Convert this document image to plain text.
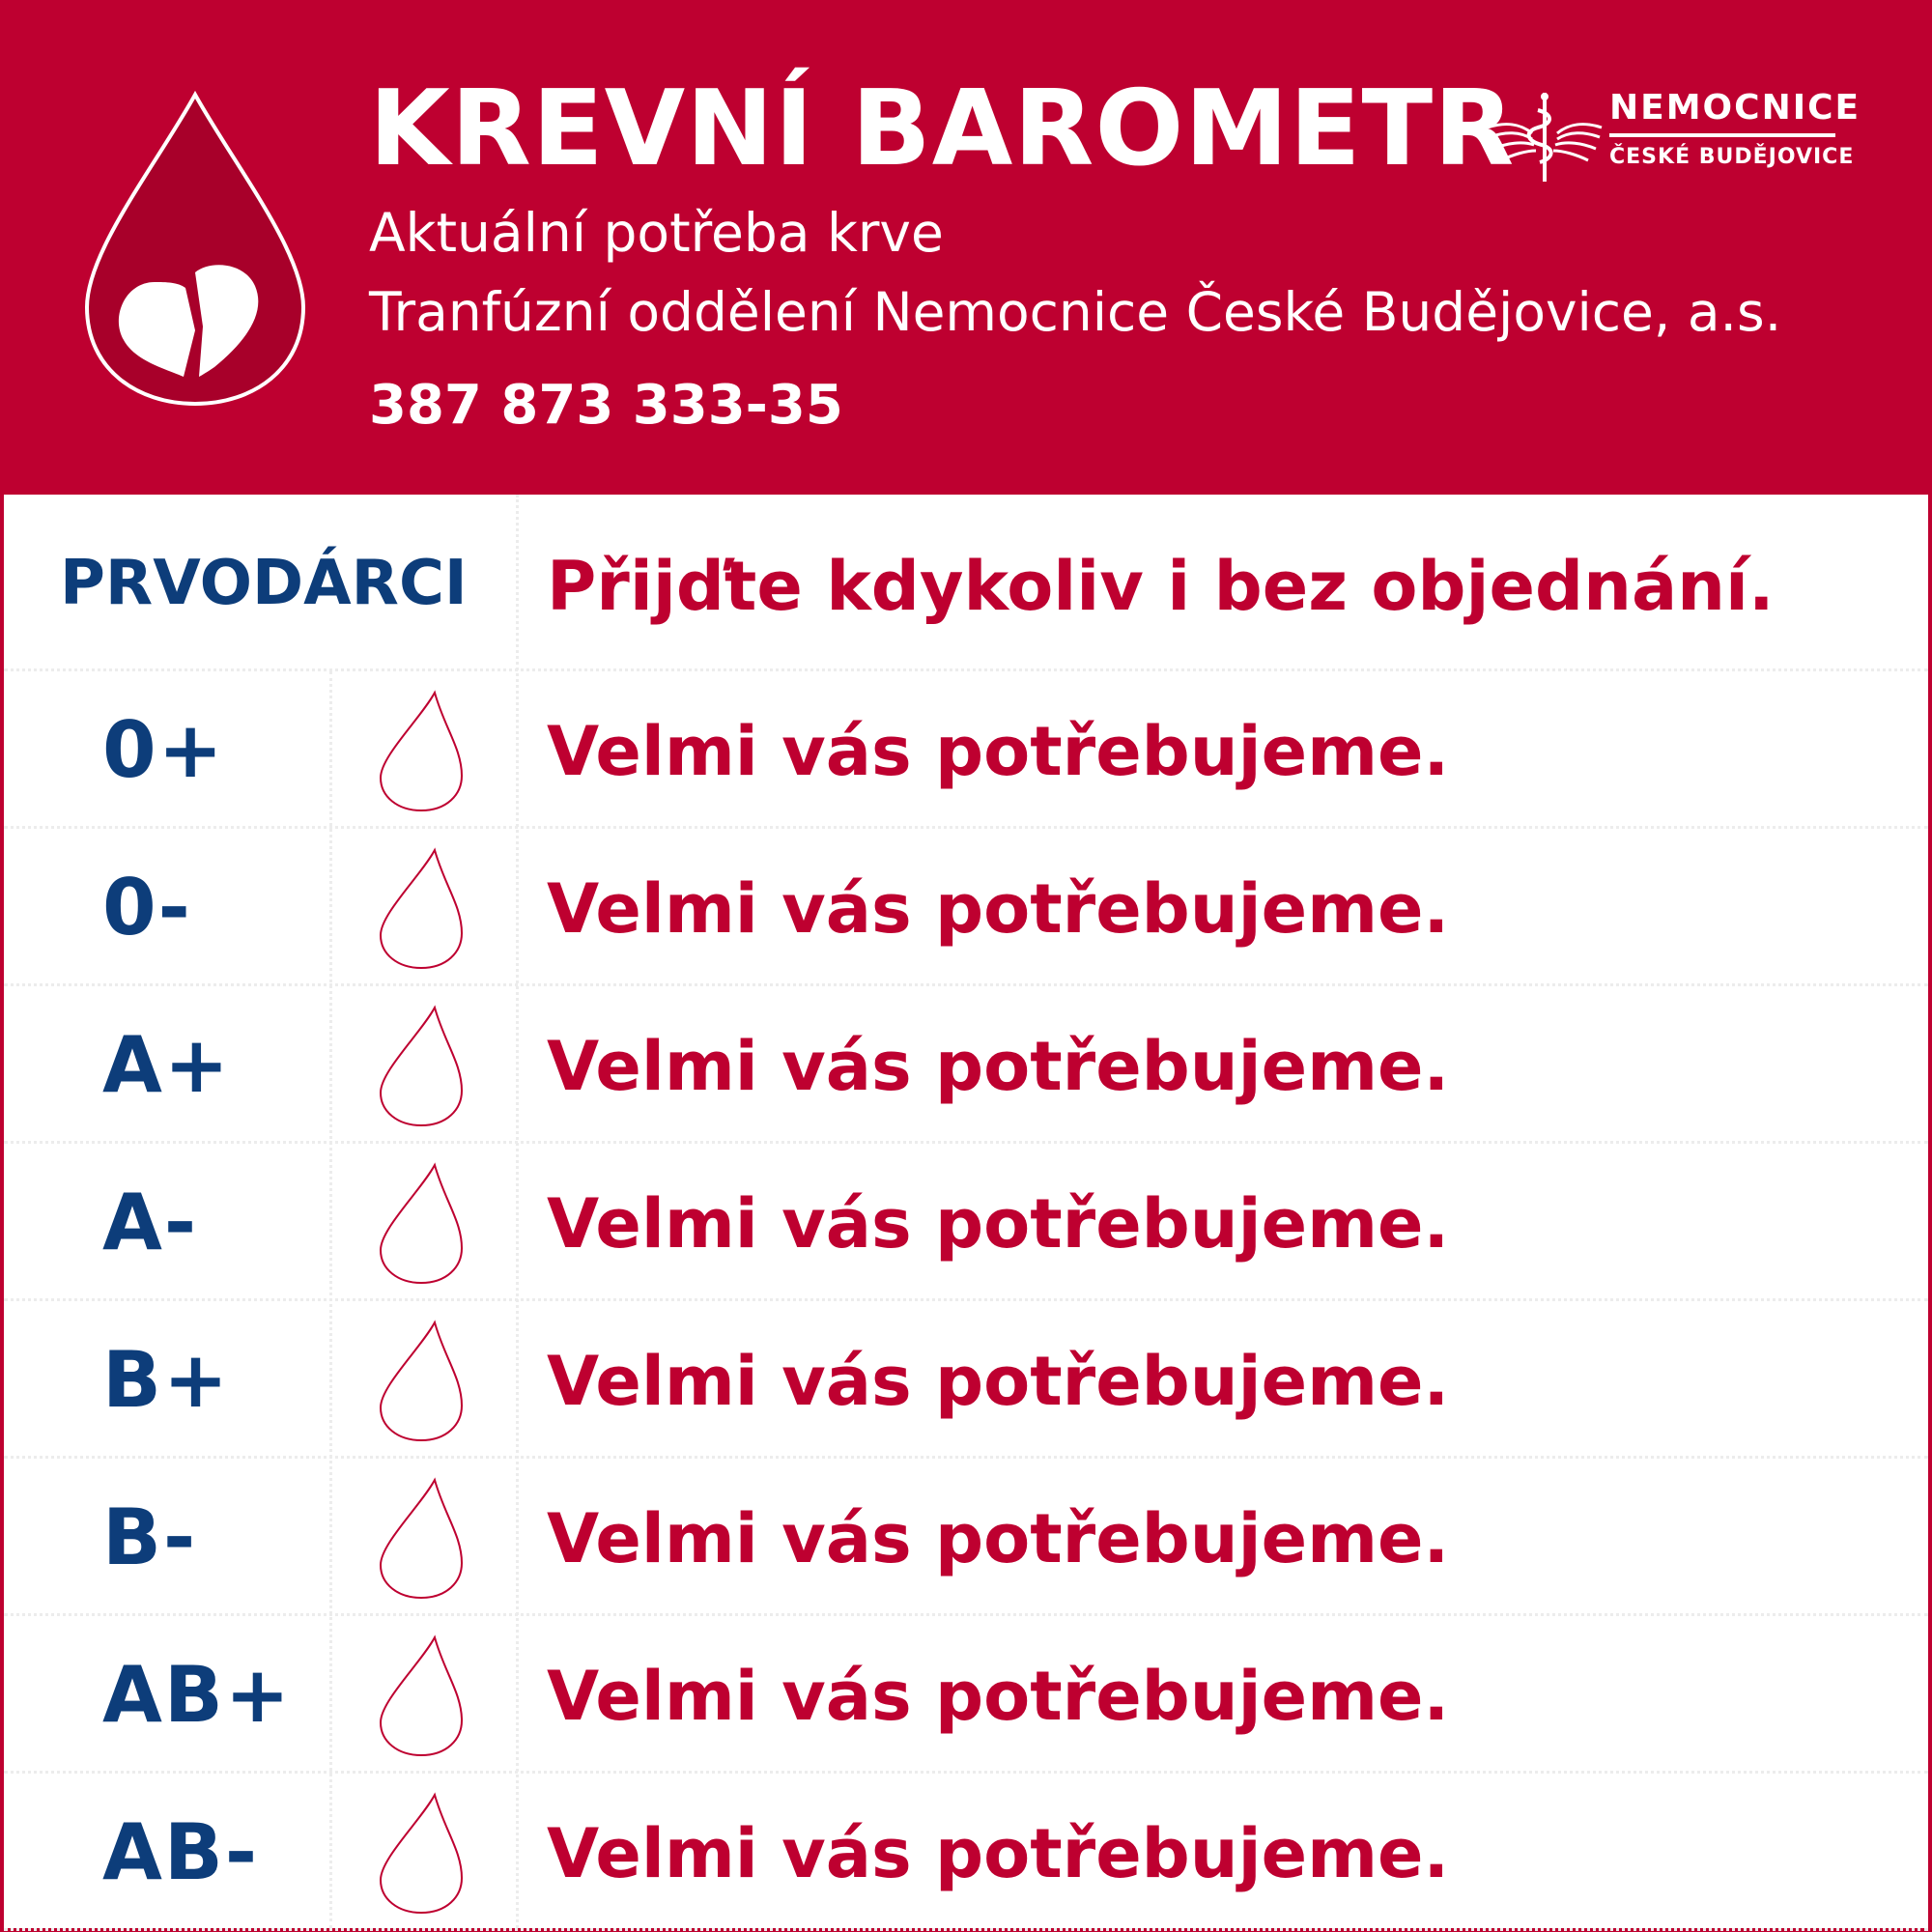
KREVNÍ BAROMETR
Aktuální potřeba krve
Tranfúzní oddělení Nemocnice České Budějovice, a.s.
387 873 333-35
NEMOCNICE
ČESKÉ BUDĚJOVICE
PRVODÁRCI Přijďte kdykoliv i bez objednání.
0+	Velmi vás potřebujeme.
0-	Velmi vás potřebujeme.
A+	Velmi vás potřebujeme.
A-	Velmi vás potřebujeme.
B+	Velmi vás potřebujeme.
B-	Velmi vás potřebujeme.
AB+	Velmi vás potřebujeme.
AB-	Velmi vás potřebujeme.
